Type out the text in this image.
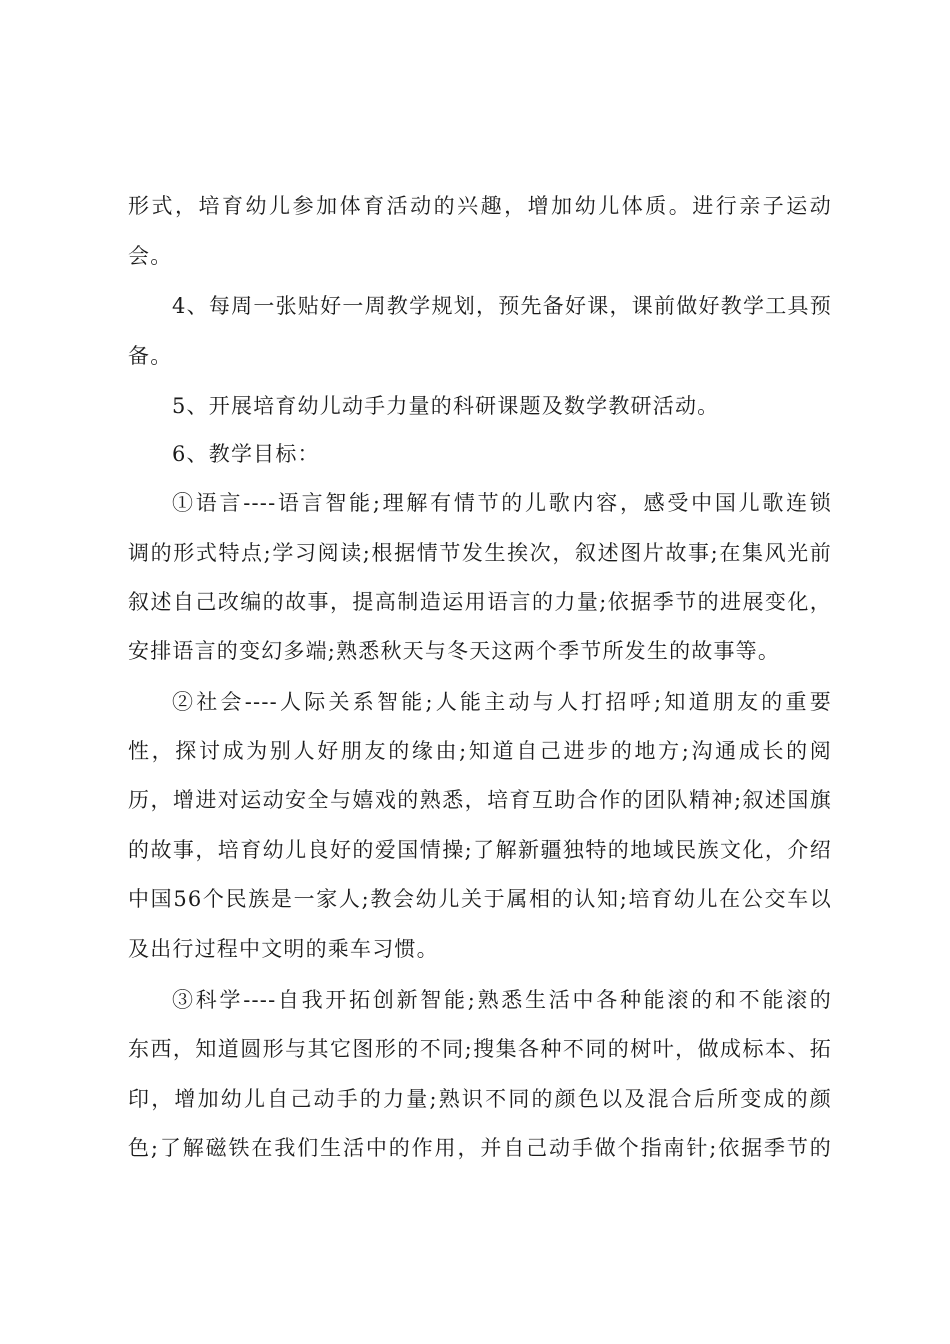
形式，培育幼儿参加体育活动的兴趣，增加幼儿体质。进行亲子运动
会。
4、每周一张贴好一周教学规划，预先备好课，课前做好教学工具预
备。
5、开展培育幼儿动手力量的科研课题及数学教研活动。
6、教学目标：
①语言----语言智能;理解有情节的儿歌内容，感受中国儿歌连锁
调的形式特点;学习阅读;根据情节发生挨次，叙述图片故事;在集风光前
叙述自己改编的故事，提高制造运用语言的力量;依据季节的进展变化，
安排语言的变幻多端;熟悉秋天与冬天这两个季节所发生的故事等。
②社会----人际关系智能;人能主动与人打招呼;知道朋友的重要
性，探讨成为别人好朋友的缘由;知道自己进步的地方;沟通成长的阅
历，增进对运动安全与嬉戏的熟悉，培育互助合作的团队精神;叙述国旗
的故事，培育幼儿良好的爱国情操;了解新疆独特的地域民族文化，介绍
中国56个民族是一家人;教会幼儿关于属相的认知;培育幼儿在公交车以
及出行过程中文明的乘车习惯。
③科学----自我开拓创新智能;熟悉生活中各种能滚的和不能滚的
东西，知道圆形与其它图形的不同;搜集各种不同的树叶，做成标本、拓
印，增加幼儿自己动手的力量;熟识不同的颜色以及混合后所变成的颜
色;了解磁铁在我们生活中的作用，并自己动手做个指南针;依据季节的
